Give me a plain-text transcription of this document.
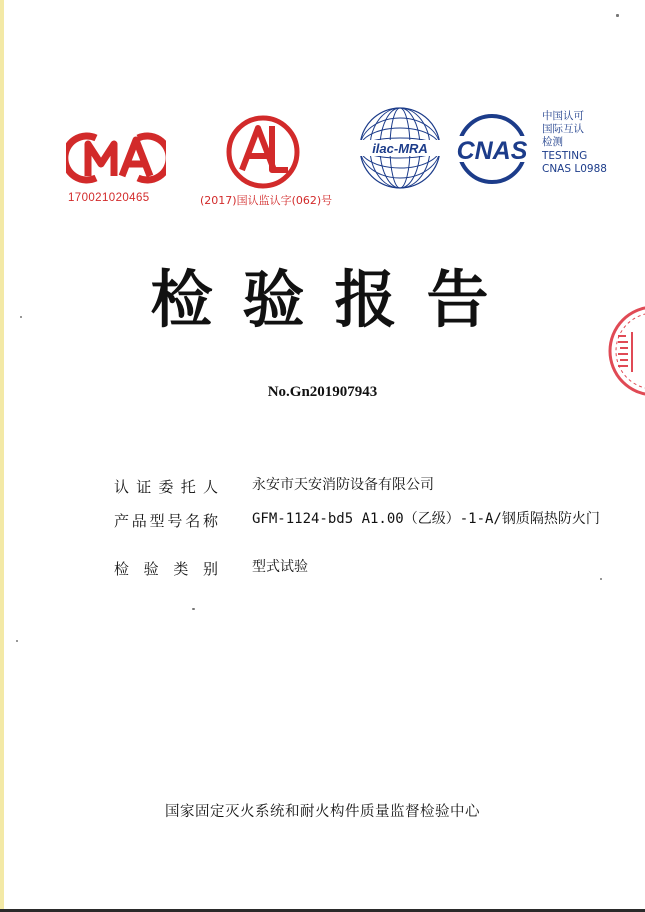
170021020465	(2017)国认监认字(062)号
ilac-MRA CNAS
中国认可
国际互认
检测
TESTING
CNAS L0988
检验报告
No.Gn201907943
认 证 委 托 人 永安市天安消防设备有限公司
产 品 型 号 名 称 GFM-1124-bd5 A1.00（乙级）-1-A/钢质隔热防火门
检 验 类 别 型式试验
国家固定灭火系统和耐火构件质量监督检验中心
